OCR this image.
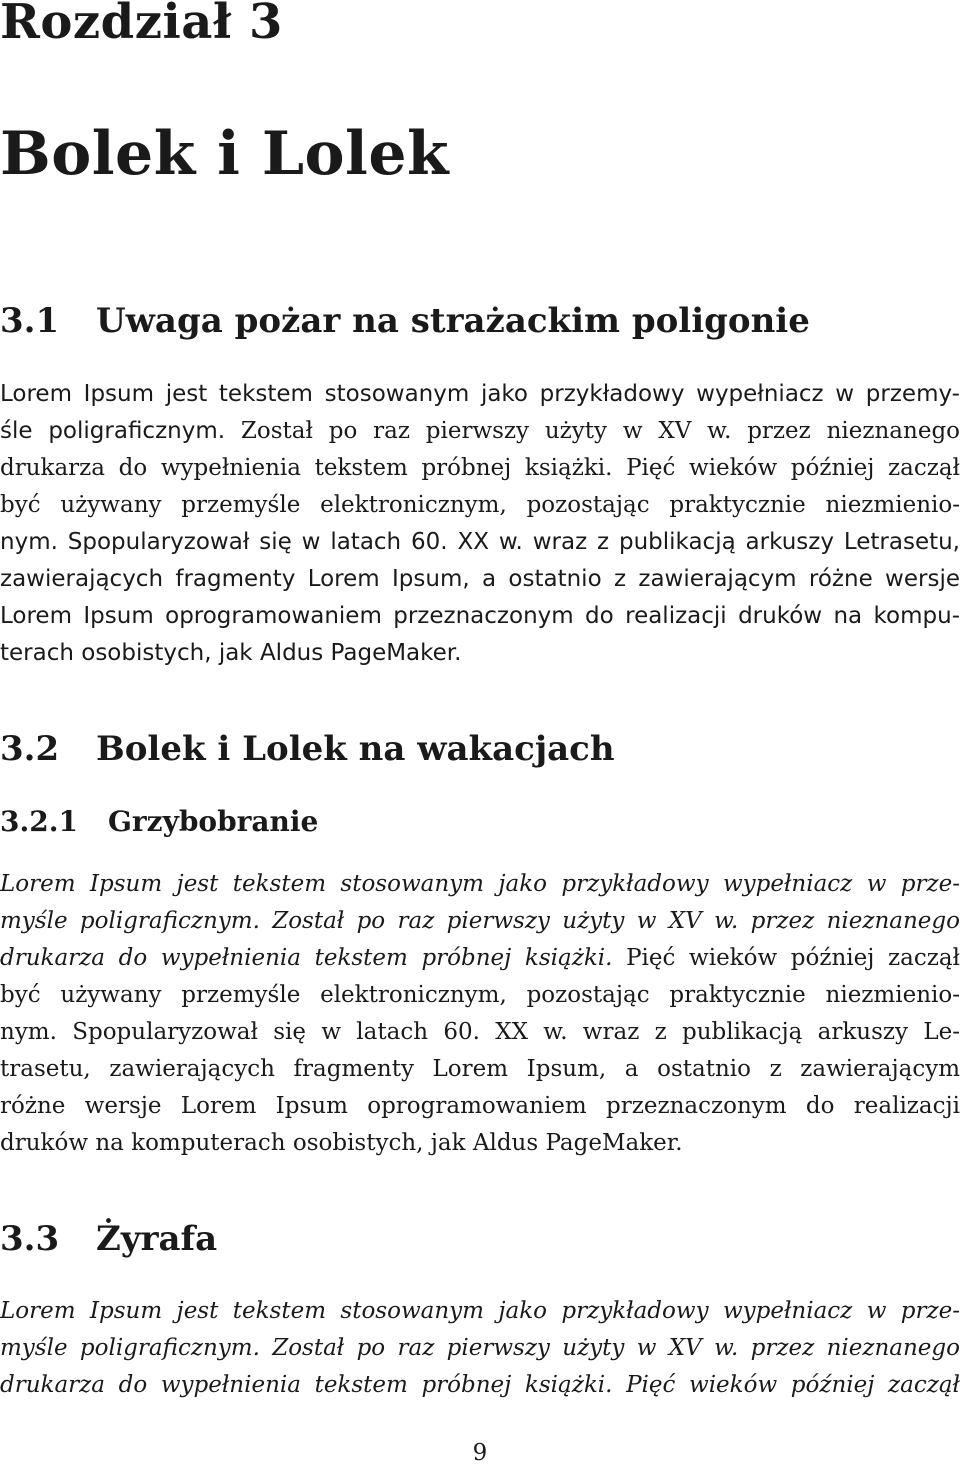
Rozdział 3
Bolek i Lolek
3.1 Uwaga pożar na strażackim poligonie
Lorem Ipsum jest tekstem stosowanym jako przykładowy wypełniacz w przemy-
śle poligraficznym. Został po raz pierwszy użyty w XV w. przez nieznanego
drukarza do wypełnienia tekstem próbnej książki. Pięć wieków później zaczął
być używany przemyśle elektronicznym, pozostając praktycznie niezmienio-
nym. Spopularyzował się w latach 60. XX w. wraz z publikacją arkuszy Letrasetu,
zawierających fragmenty Lorem Ipsum, a ostatnio z zawierającym różne wersje
Lorem Ipsum oprogramowaniem przeznaczonym do realizacji druków na kompu-
terach osobistych, jak Aldus PageMaker.
3.2 Bolek i Lolek na wakacjach
3.2.1 Grzybobranie
Lorem Ipsum jest tekstem stosowanym jako przykładowy wypełniacz w prze-
myśle poligraficznym. Został po raz pierwszy użyty w XV w. przez nieznanego
drukarza do wypełnienia tekstem próbnej książki. Pięć wieków później zaczął
być używany przemyśle elektronicznym, pozostając praktycznie niezmienio-
nym. Spopularyzował się w latach 60. XX w. wraz z publikacją arkuszy Le-
trasetu, zawierających fragmenty Lorem Ipsum, a ostatnio z zawierającym
różne wersje Lorem Ipsum oprogramowaniem przeznaczonym do realizacji
druków na komputerach osobistych, jak Aldus PageMaker.
3.3 Żyrafa
Lorem Ipsum jest tekstem stosowanym jako przykładowy wypełniacz w prze-
myśle poligraficznym. Został po raz pierwszy użyty w XV w. przez nieznanego
drukarza do wypełnienia tekstem próbnej książki. Pięć wieków później zaczął
9
